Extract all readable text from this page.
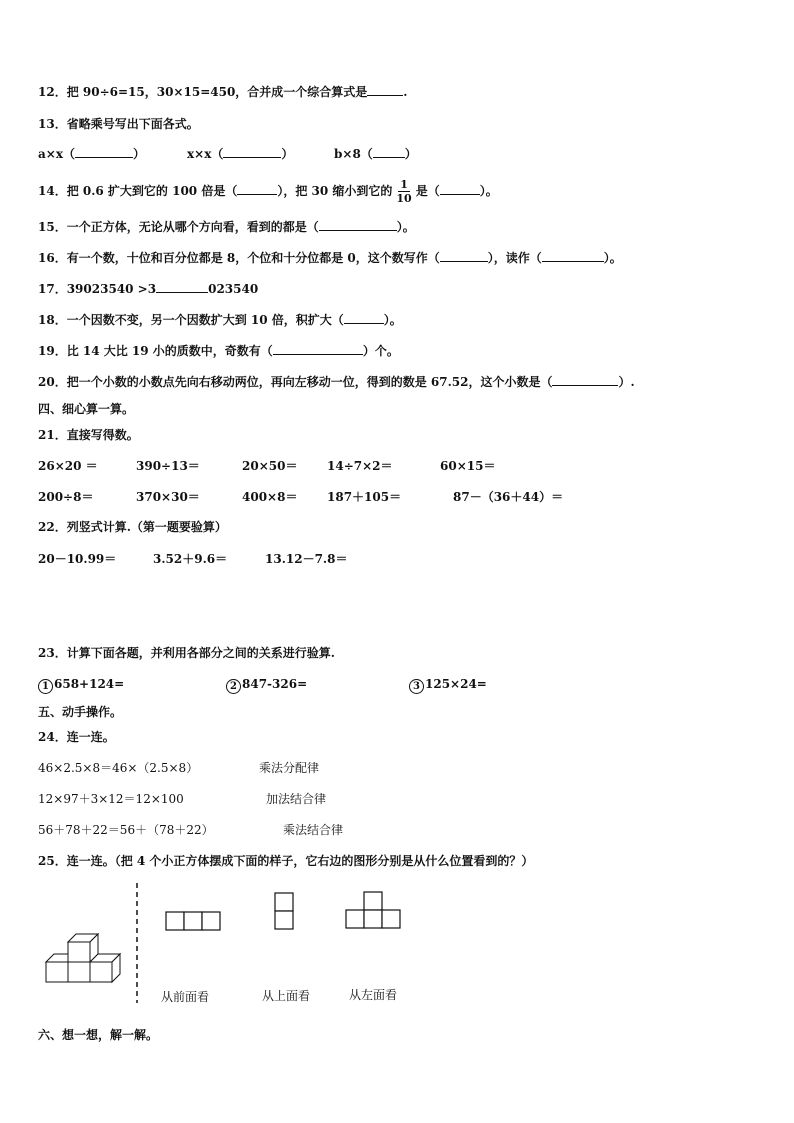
12．把 90÷6=15，30×15=450，合并成一个综合算式是	.
13．省略乘号写出下面各式。
a×x（	）	x×x（	）	b×8（	）
14．把 0.6 扩大到它的 100 倍是（	），把 30 缩小到它的 $\frac{1}{10}$ 是（	）。
15．一个正方体，无论从哪个方向看，看到的都是（	）。
16．有一个数，十位和百分位都是 8，个位和十分位都是 0，这个数写作（	），读作（	）。
17．39023540 >3	023540
18．一个因数不变，另一个因数扩大到 10 倍，积扩大（	）。
19．比 14 大比 19 小的质数中，奇数有（	）个。
20．把一个小数的小数点先向右移动两位，再向左移动一位，得到的数是 67.52，这个小数是（	）.
四、细心算一算。
21．直接写得数。
26×20 ＝	390÷13＝	20×50＝ 14÷7×2＝	60×15＝
200÷8＝	370×30＝	400×8＝ 187＋105＝	87－（36＋44）＝
22．列竖式计算.（第一题要验算）
20－10.99＝	3.52＋9.6＝	13.12－7.8＝
23．计算下面各题，并利用各部分之间的关系进行验算.
1 658+124=	2 847-326=	3 125×24=
五、动手操作。
24．连一连。
46×2.5×8＝46×（2.5×8）
12×97＋3×12＝12×100
56＋78＋22＝56＋（78＋22）
乘法分配律
加法结合律
乘法结合律
25．连一连。（把 4 个小正方体摆成下面的样子，它右边的图形分别是从什么位置看到的？）
从前面看	从上面看	从左面看
六、想一想，解一解。
